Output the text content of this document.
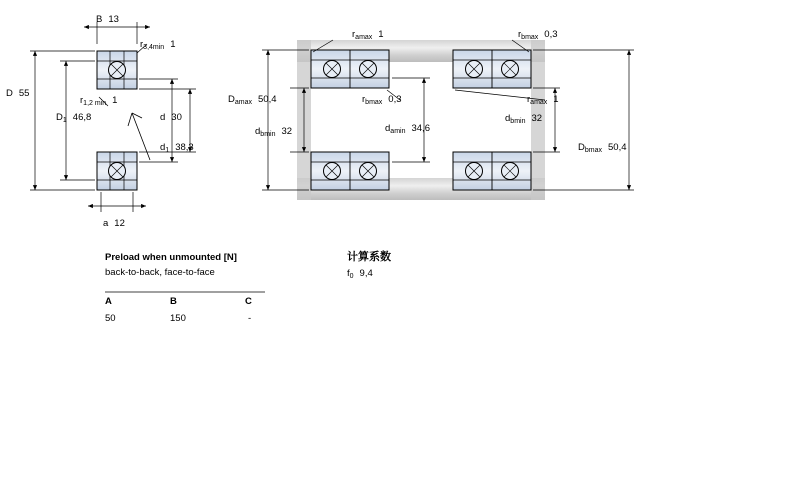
B 13
$r_{3,4min}$ 1
D 55
$r_{1,2 min}$ 1
$D_1$ 46,8	d 30
$d_1$ 38,3
a 12
$r_{amax}$ 1	$r_{bmax}$ 0,3
$D_{amax}$ 50,4	$r_{bmax}$ 0,3	$r_{amax}$ 1
$d_{bmin}$ 32	$d_{amin}$ 34,6
$d_{bmin}$ 32
$D_{bmax}$ 50,4
Preload when unmounted [N]
back-to-back, face-to-face
A	B	C
50	150	-
计算系数
$f_0$ 9,4
